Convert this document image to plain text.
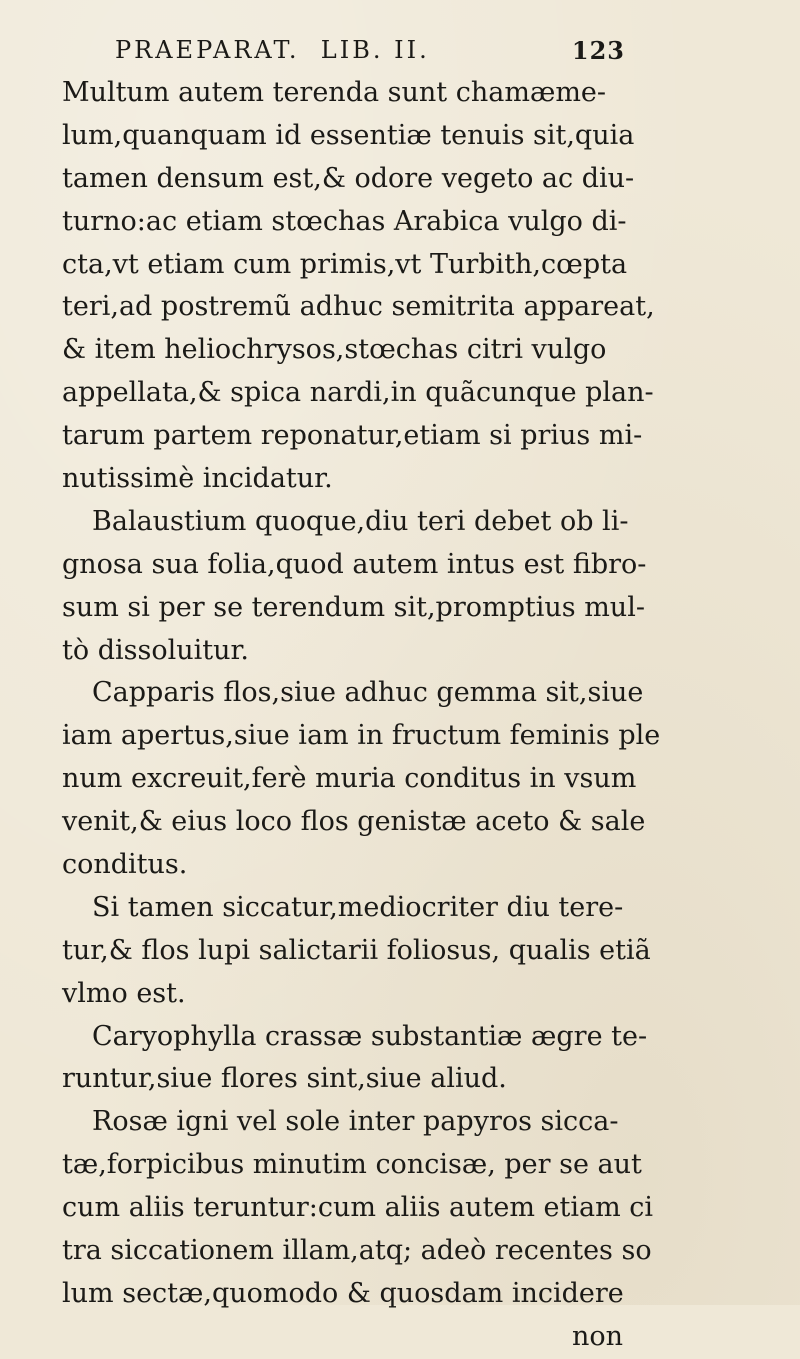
PRAEPARAT.  LIB. II.	123
Multum autem terenda sunt chamæme-
lum,quanquam id essentiæ tenuis sit,quia
tamen densum est,& odore vegeto ac diu-
turno:ac etiam stœchas Arabica vulgo di-
cta,vt etiam cum primis,vt Turbith,cœpta
teri,ad postremũ adhuc semitrita appareat,
& item heliochrysos,stœchas citri vulgo
appellata,& spica nardi,in quãcunque plan-
tarum partem reponatur,etiam si prius mi-
nutissimè incidatur.
Balaustium quoque,diu teri debet ob li-
gnosa sua folia,quod autem intus est fibro-
sum si per se terendum sit,promptius mul-
tò dissoluitur.
Capparis flos,siue adhuc gemma sit,siue
iam apertus,siue iam in fructum feminis ple
num excreuit,ferè muria conditus in vsum
venit,& eius loco flos genistæ aceto & sale
conditus.
Si tamen siccatur,mediocriter diu tere-
tur,& flos lupi salictarii foliosus, qualis etiã
vlmo est.
Caryophylla crassæ substantiæ ægre te-
runtur,siue flores sint,siue aliud.
Rosæ igni vel sole inter papyros sicca-
tæ,forpicibus minutim concisæ, per se aut
cum aliis teruntur:cum aliis autem etiam ci
tra siccationem illam,atq; adeò recentes so
lum sectæ,quomodo & quosdam incidere
non
